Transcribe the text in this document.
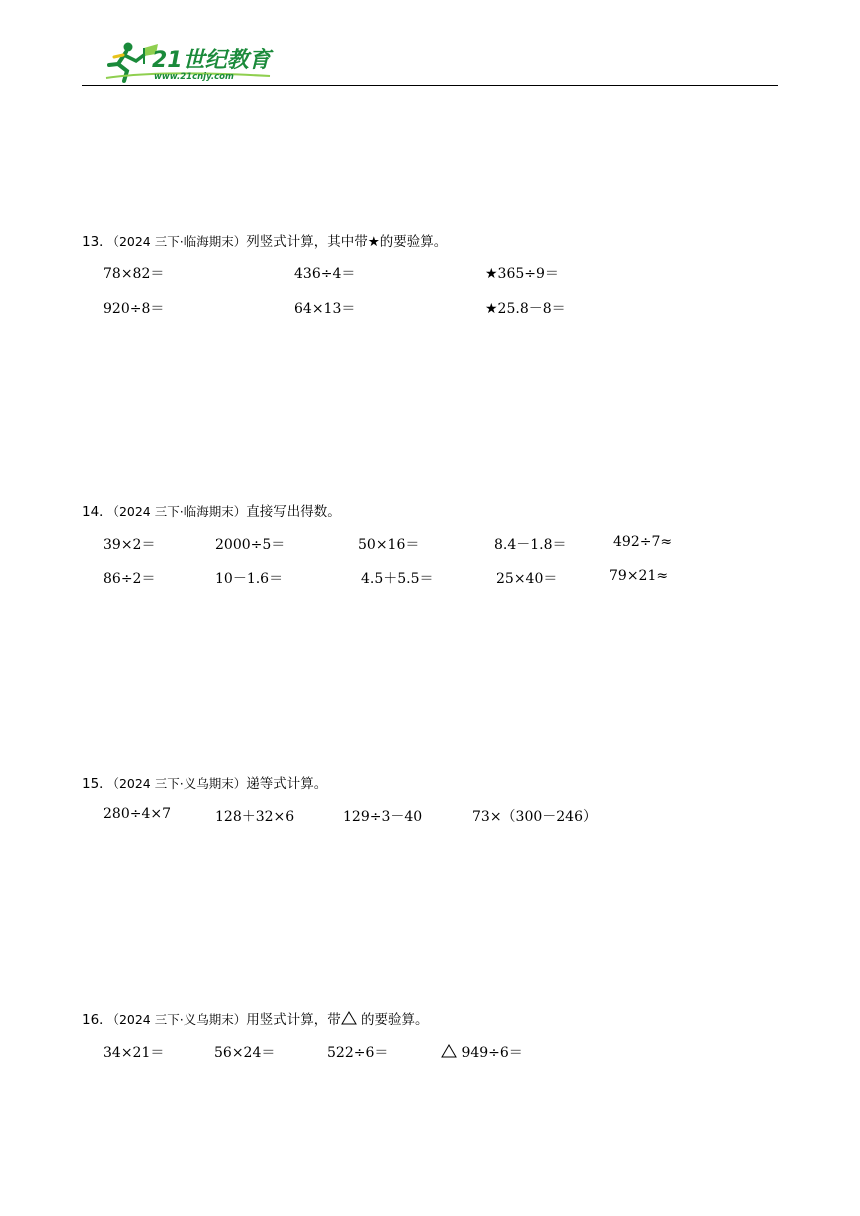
21世纪教育
www.21cnjy.com
13．（2024 三下·临海期末）列竖式计算，其中带★的要验算。
78×82＝	436÷4＝	★365÷9＝
920÷8＝	64×13＝	★25.8－8＝
14．（2024 三下·临海期末）直接写出得数。
39×2＝	2000÷5＝	50×16＝	8.4－1.8＝	492÷7≈
86÷2＝	10－1.6＝	4.5＋5.5＝	25×40＝	79×21≈
15．（2024 三下·义乌期末）递等式计算。
280÷4×7	128＋32×6	129÷3－40	73×（300－246）
16．（2024 三下·义乌期末）用竖式计算，带 的要验算。
34×21＝	56×24＝	522÷6＝	949÷6＝
